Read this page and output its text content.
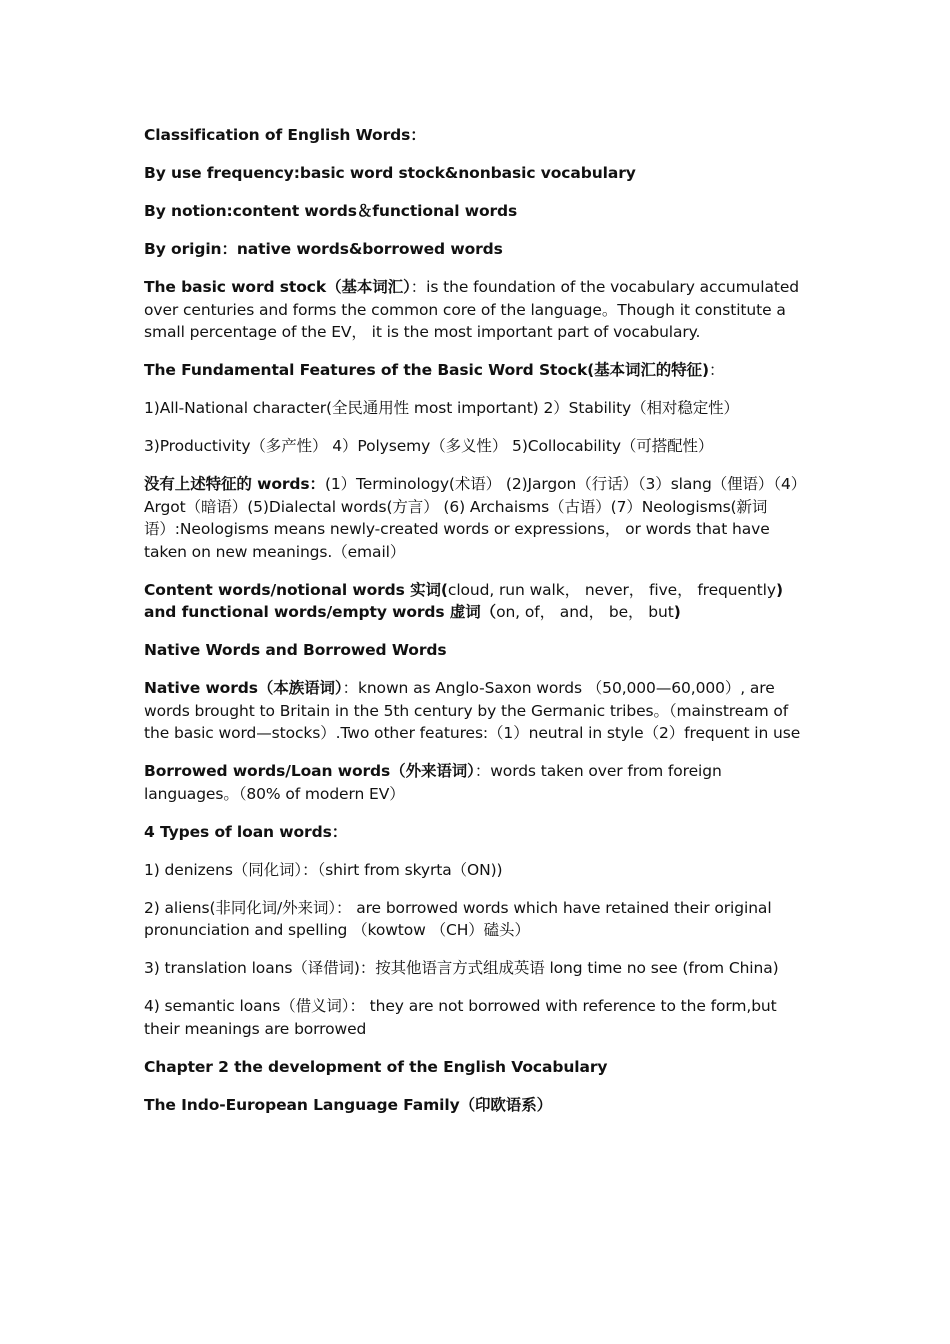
Classification of English Words：

By use frequency:basic word stock&nonbasic vocabulary

By notion:content words＆functional words

By origin：native words&borrowed words

The basic word stock（基本词汇）：is the foundation of the vocabulary accumulated over centuries and forms the common core of the language。Though it constitute a small percentage of the EV， it is the most important part of vocabulary.

The Fundamental Features of the Basic Word Stock(基本词汇的特征)：

1)All-National character(全民通用性 most important) 2）Stability（相对稳定性）

3)Productivity（多产性） 4）Polysemy（多义性） 5)Collocability（可搭配性）

没有上述特征的 words：(1）Terminology(术语） (2)Jargon（行话）（3）slang（俚语）（4）Argot（暗语）(5)Dialectal words(方言） (6) Archaisms（古语）(7）Neologisms(新词语）:Neologisms means newly-created words or expressions， or words that have taken on new meanings.（email）

Content words/notional words 实词(cloud, run walk， never， five， frequently) and functional words/empty words 虚词（on, of， and， be， but)

Native Words and Borrowed Words

Native words（本族语词）：known as Anglo-Saxon words （50,000—60,000）, are words brought to Britain in the 5th century by the Germanic tribes。（mainstream of the basic word—stocks）.Two other features:（1）neutral in style（2）frequent in use

Borrowed words/Loan words（外来语词）：words taken over from foreign languages。（80% of modern EV）

4 Types of loan words：

1) denizens（同化词）：（shirt from skyrta（ON))

2) aliens(非同化词/外来词）： are borrowed words which have retained their original pronunciation and spelling （kowtow （CH）磕头）

3) translation loans（译借词)：按其他语言方式组成英语 long time no see (from China)

4) semantic loans（借义词）： they are not borrowed with reference to the form,but their meanings are borrowed

Chapter 2 the development of the English Vocabulary

The Indo-European Language Family（印欧语系）
